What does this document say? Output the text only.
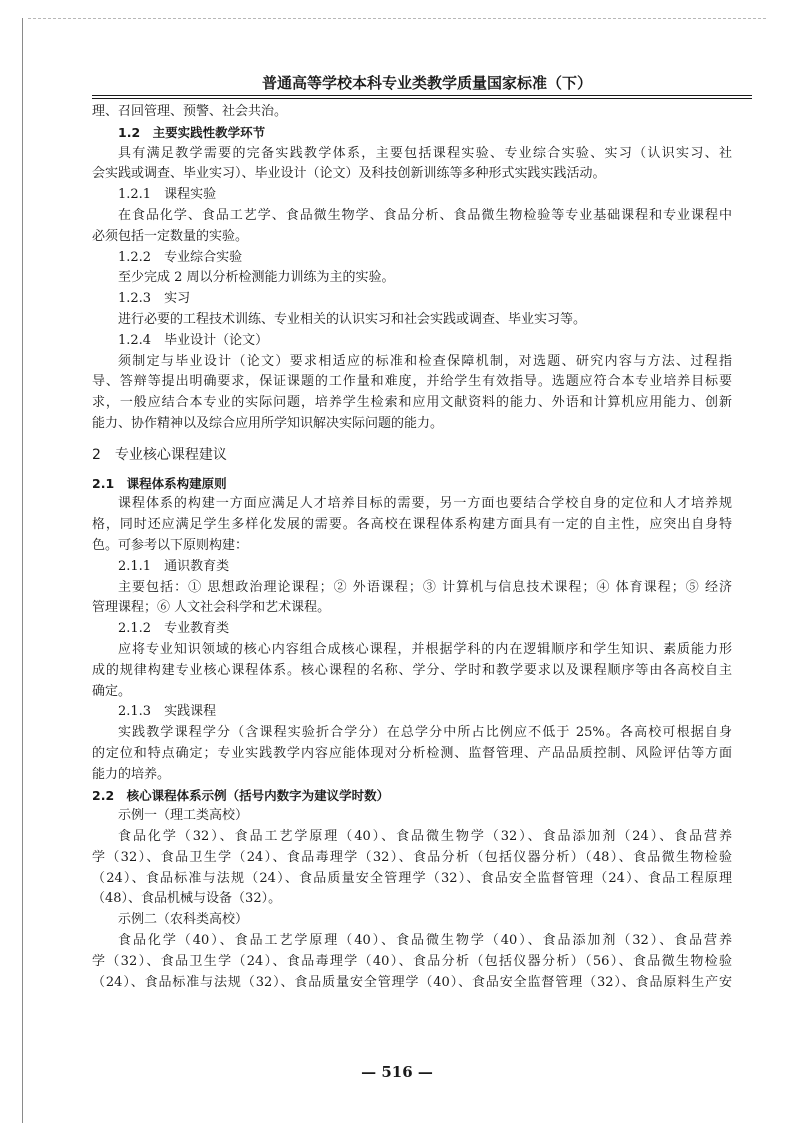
普通高等学校本科专业类教学质量国家标准（下）
理、召回管理、预警、社会共治。
1.2　主要实践性教学环节
具有满足教学需要的完备实践教学体系，主要包括课程实验、专业综合实验、实习（认识实习、社
会实践或调查、毕业实习）、毕业设计（论文）及科技创新训练等多种形式实践实践活动。
1.2.1　课程实验
在食品化学、食品工艺学、食品微生物学、食品分析、食品微生物检验等专业基础课程和专业课程中
必须包括一定数量的实验。
1.2.2　专业综合实验
至少完成 2 周以分析检测能力训练为主的实验。
1.2.3　实习
进行必要的工程技术训练、专业相关的认识实习和社会实践或调查、毕业实习等。
1.2.4　毕业设计（论文）
须制定与毕业设计（论文）要求相适应的标准和检查保障机制，对选题、研究内容与方法、过程指
导、答辩等提出明确要求，保证课题的工作量和难度，并给学生有效指导。选题应符合本专业培养目标要
求，一般应结合本专业的实际问题，培养学生检索和应用文献资料的能力、外语和计算机应用能力、创新
能力、协作精神以及综合应用所学知识解决实际问题的能力。
2　专业核心课程建议
2.1　课程体系构建原则
课程体系的构建一方面应满足人才培养目标的需要，另一方面也要结合学校自身的定位和人才培养规
格，同时还应满足学生多样化发展的需要。各高校在课程体系构建方面具有一定的自主性，应突出自身特
色。可参考以下原则构建：
2.1.1　通识教育类
主要包括：① 思想政治理论课程；② 外语课程；③ 计算机与信息技术课程；④ 体育课程；⑤ 经济
管理课程；⑥ 人文社会科学和艺术课程。
2.1.2　专业教育类
应将专业知识领域的核心内容组合成核心课程，并根据学科的内在逻辑顺序和学生知识、素质能力形
成的规律构建专业核心课程体系。核心课程的名称、学分、学时和教学要求以及课程顺序等由各高校自主
确定。
2.1.3　实践课程
实践教学课程学分（含课程实验折合学分）在总学分中所占比例应不低于 25%。各高校可根据自身
的定位和特点确定；专业实践教学内容应能体现对分析检测、监督管理、产品品质控制、风险评估等方面
能力的培养。
2.2　核心课程体系示例（括号内数字为建议学时数）
示例一（理工类高校）
食品化学（32）、食品工艺学原理（40）、食品微生物学（32）、食品添加剂（24）、食品营养
学（32）、食品卫生学（24）、食品毒理学（32）、食品分析（包括仪器分析）（48）、食品微生物检验
（24）、食品标准与法规（24）、食品质量安全管理学（32）、食品安全监督管理（24）、食品工程原理
（48）、食品机械与设备（32）。
示例二（农科类高校）
食品化学（40）、食品工艺学原理（40）、食品微生物学（40）、食品添加剂（32）、食品营养
学（32）、食品卫生学（24）、食品毒理学（40）、食品分析（包括仪器分析）（56）、食品微生物检验
（24）、食品标准与法规（32）、食品质量安全管理学（40）、食品安全监督管理（32）、食品原料生产安
— 516 —
